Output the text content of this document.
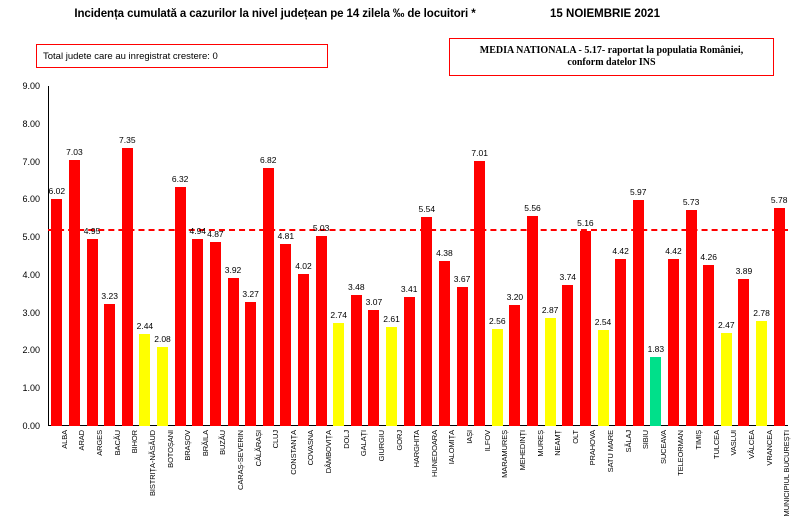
Incidența cumulată a cazurilor la nivel județean pe 14 zilela ‰ de locuitori *	15 NOIEMBRIE 2021
Total judete care au inregistrat crestere: 0
MEDIA NATIONALA - 5.17- raportat la populatia României,
conform datelor INS
0.00
1.00
2.00
3.00
4.00
5.00
6.00
7.00
8.00
9.00
6.02
7.03
4.95
3.23
7.35
2.44
2.08
6.32
4.94 4.87
3.92
3.27
6.82
4.81
4.02
5.03
2.74
3.48
3.07
2.61
3.41
5.54
4.38
3.67
7.01
2.56
3.20
5.56
2.87
3.74
5.16
2.54
4.42
5.97
1.83
4.42
5.73
4.26
2.47
3.89
2.78
5.78
ALBA ARAD ARGES BACĂU BIHOR BISTRIȚA-NĂSĂUD BOTOȘANI BRAȘOV BRĂILA BUZĂU CARAȘ-SEVERIN CĂLĂRAȘI CLUJ CONSTANȚA COVASNA DÂMBOVIȚA DOLJ GALAȚI GIURGIU GORJ HARGHITA HUNEDOARA IALOMIȚA IAȘI ILFOV MARAMUREȘ MEHEDINȚI MUREȘ NEAMȚ OLT PRAHOVA SATU MARE SĂLAJ SIBIU SUCEAVA TELEORMAN TIMIȘ TULCEA VASLUI VÂLCEA VRANCEA MUNICIPIUL BUCUREȘTI
